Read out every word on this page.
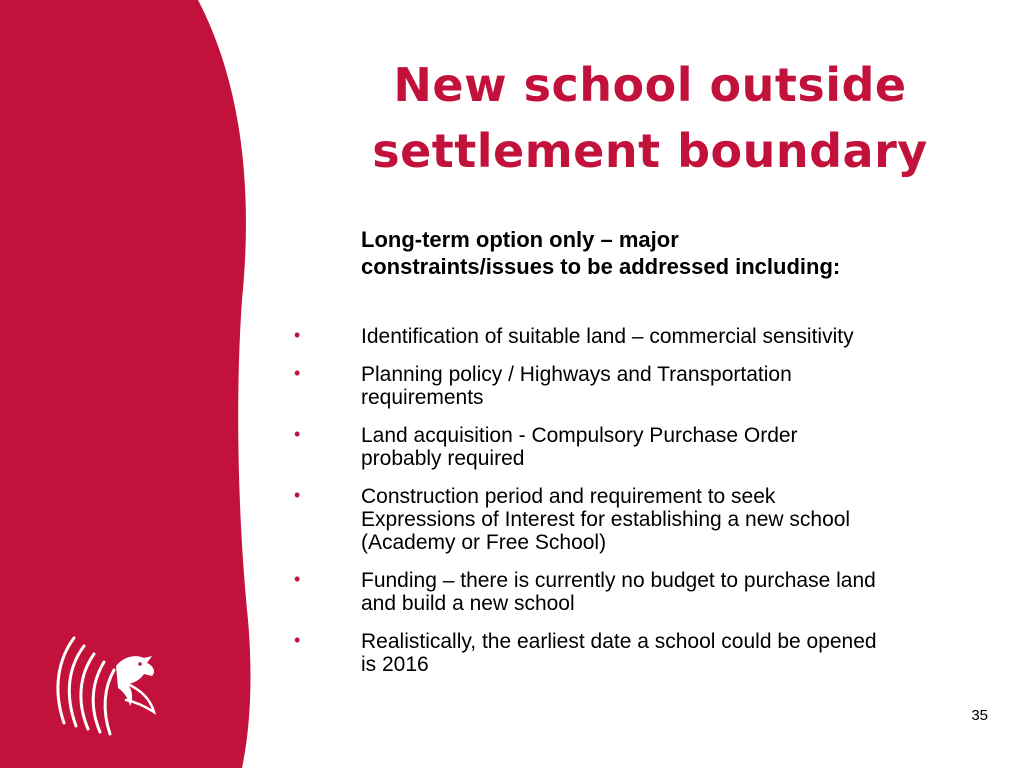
New school outside
settlement boundary

Long-term option only – major
constraints/issues to be addressed including:

•	Identification of suitable land – commercial sensitivity
•	Planning policy / Highways and Transportation
requirements
•	Land acquisition - Compulsory Purchase Order
probably required
•	Construction period and requirement to seek
Expressions of Interest for establishing a new school
(Academy or Free School)
•	Funding – there is currently no budget to purchase land
and build a new school
•	Realistically, the earliest date a school could be opened
is 2016
35
